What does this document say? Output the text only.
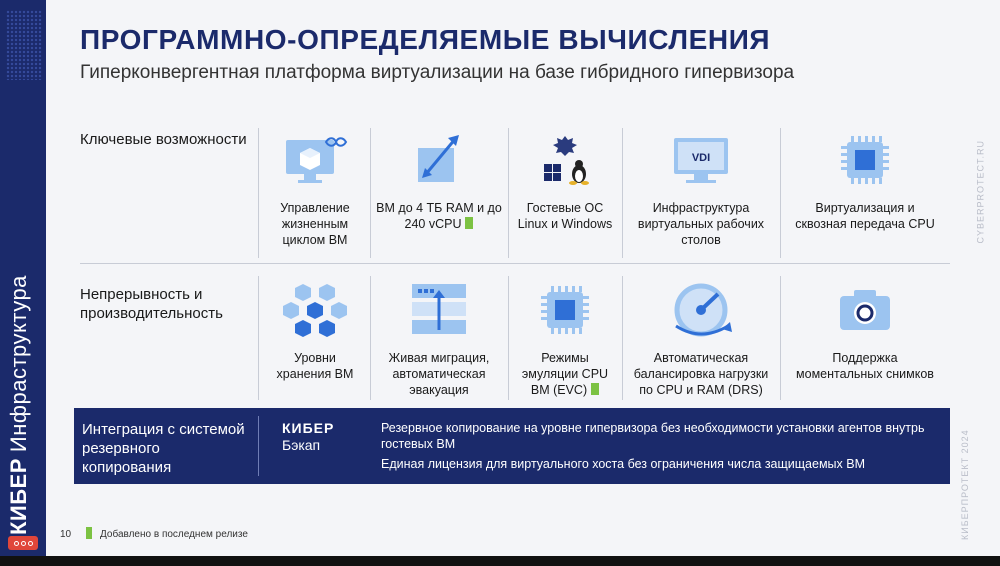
КИБЕРИнфраструктура
ПРОГРАММНО-ОПРЕДЕЛЯЕМЫЕ ВЫЧИСЛЕНИЯ
Гиперконвергентная платформа виртуализации на базе гибридного гипервизора
CYBERPROTECT.RU
КИБЕРПРОТЕКТ 2024
Ключевые возможности
Управление жизненным циклом ВМ
ВМ до 4 ТБ RAM и до 240 vCPU
Гостевые ОС Linux и Windows
VDI
Инфраструктура виртуальных рабочих столов
Виртуализация и сквозная передача CPU
Непрерывность и производительность
Уровни хранения ВМ
Живая миграция, автоматическая эвакуация
Режимы эмуляции CPU ВМ (EVC)
Автоматическая балансировка нагрузки по CPU и RAM (DRS)
Поддержка моментальных снимков
Интеграция с системой резервного копирования
КИБЕР
Бэкап
Резервное копирование на уровне гипервизора без необходимости установки агентов внутрь гостевых ВМ
Единая лицензия для виртуального хоста без ограничения числа защищаемых ВМ
10	Добавлено в последнем релизе
